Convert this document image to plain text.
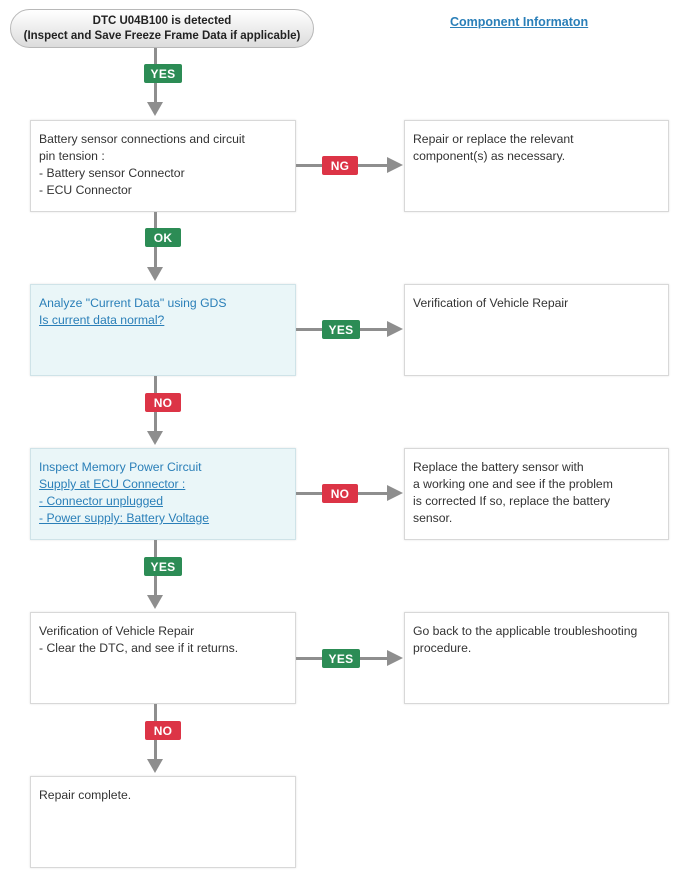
DTC U04B100 is detected
(Inspect and Save Freeze Frame Data if applicable)
Component Informaton
YES
Battery sensor connections and circuit
pin tension :
- Battery sensor Connector
- ECU Connector
NG
Repair or replace the relevant
component(s) as necessary.
OK
Analyze "Current Data" using GDS
Is current data normal?
YES
Verification of Vehicle Repair
NO
Inspect Memory Power Circuit
Supply at ECU Connector :
- Connector unplugged
- Power supply: Battery Voltage
NO
Replace the battery sensor with
a working one and see if the problem
is corrected If so, replace the battery
sensor.
YES
Verification of Vehicle Repair
- Clear the DTC, and see if it returns.
YES
Go back to the applicable troubleshooting
procedure.
NO
Repair complete.
